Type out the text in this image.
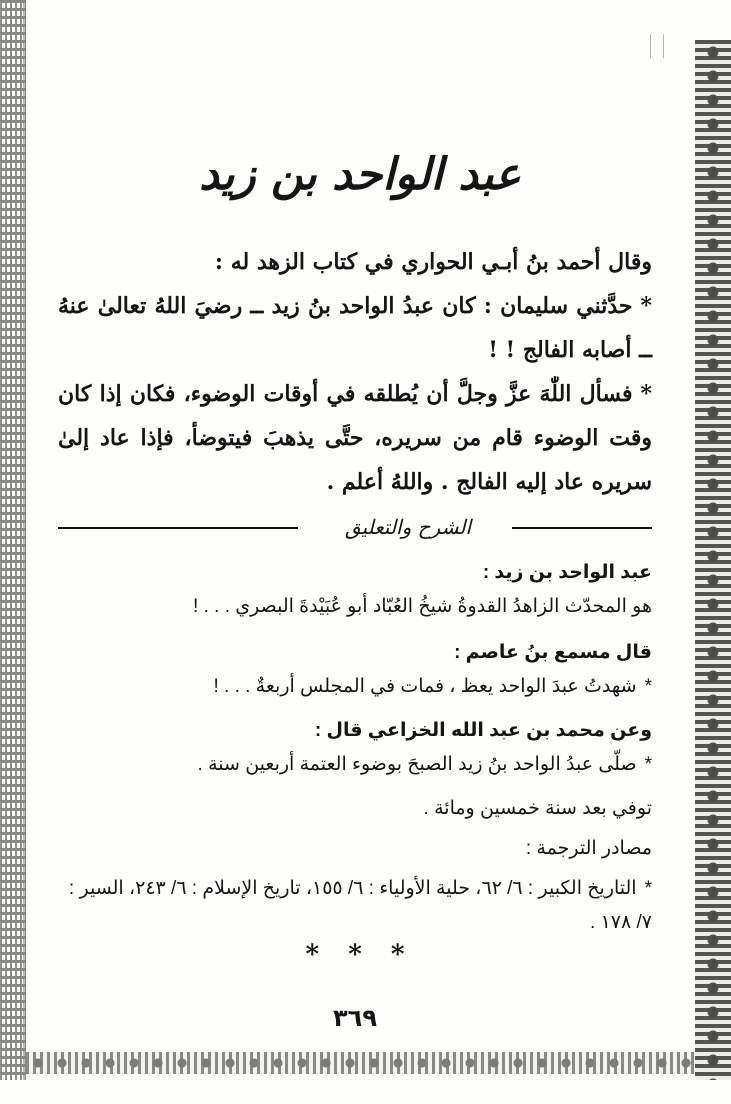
عبد الواحد بن زيد
وقال أحمد بنُ أبـي الحواري في كتاب الزهد له :
*حدَّثني سليمان : كان عبدُ الواحد بنُ زيد ــ رضيَ اللهُ تعالىٰ عنهُ ــ أصابه الفالج ! !
*فسأل اللّٰهَ عزَّ وجلَّ أن يُطلقه في أوقات الوضوء، فكان إذا كان وقت الوضوء قام من سريره، حتَّى يذهبَ فيتوضأ، فإذا عاد إلىٰ سريره عاد إليه الفالج . واللهُ أعلم .
الشرح والتعليق
عبد الواحد بن زيد :
هو المحدّث الزاهدُ القدوةُ شيخُ العُبّاد أبو عُبَيْدةَ البصري . . . !
قال مسمع بنُ عاصم :
*شهدتُ عبدَ الواحد يعظ ، فمات في المجلس أربعةٌ . . . !
وعن محمد بن عبد الله الخزاعي قال :
*صلّى عبدُ الواحد بنُ زيد الصبحَ بوضوء العتمة أربعين سنة .
توفي بعد سنة خمسين ومائة .
مصادر الترجمة :
*التاريخ الكبير : ٦/ ٦٢، حلية الأولياء : ٦/ ١٥٥، تاريخ الإسلام : ٦/ ٢٤٣، السير : ٧/ ١٧٨ .
* * *
٣٦٩
